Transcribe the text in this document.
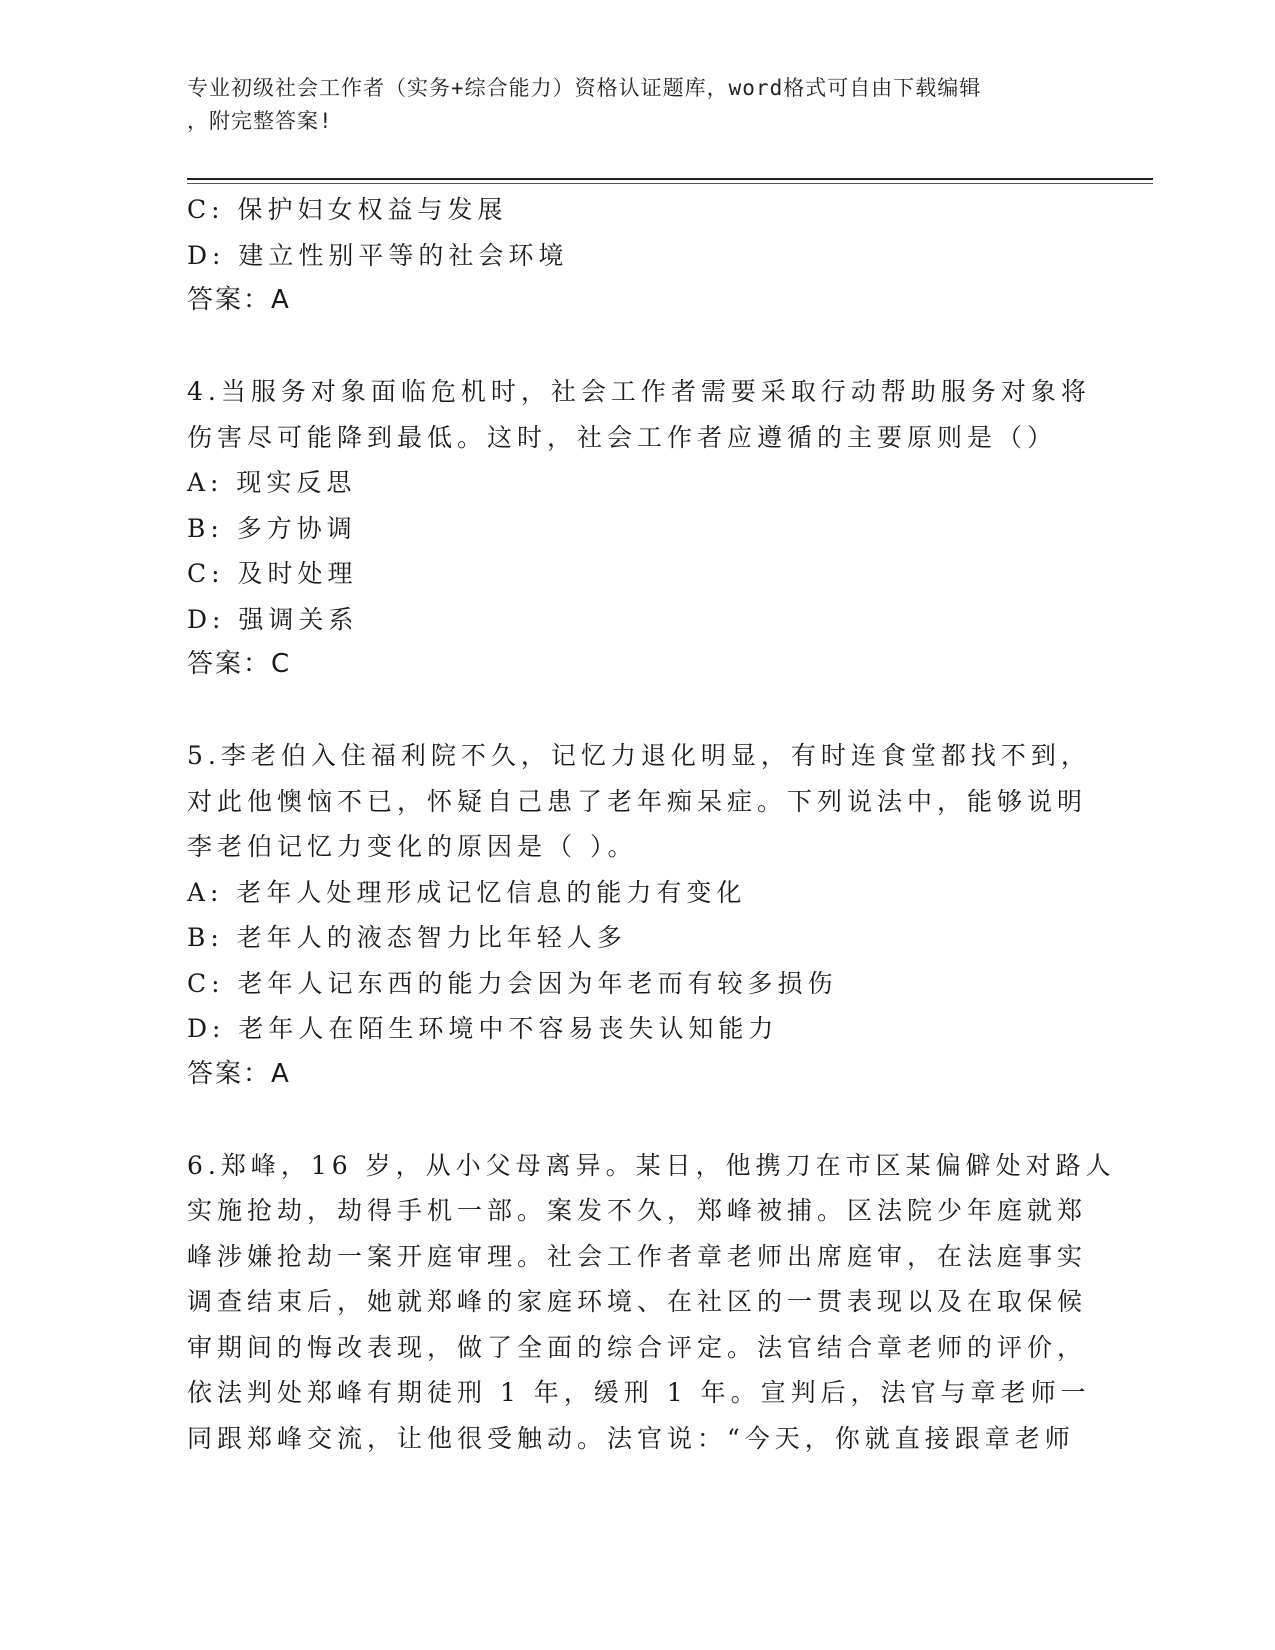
专业初级社会工作者（实务+综合能力）资格认证题库，word格式可自由下载编辑
，附完整答案!
C: 保护妇女权益与发展
D: 建立性别平等的社会环境
答案：A
4.当服务对象面临危机时，社会工作者需要采取行动帮助服务对象将
伤害尽可能降到最低。这时，社会工作者应遵循的主要原则是（）
A: 现实反思
B: 多方协调
C: 及时处理
D: 强调关系
答案：C
5.李老伯入住福利院不久，记忆力退化明显，有时连食堂都找不到，
对此他懊恼不已，怀疑自己患了老年痴呆症。下列说法中，能够说明
李老伯记忆力变化的原因是（ ）。
A: 老年人处理形成记忆信息的能力有变化
B: 老年人的液态智力比年轻人多
C: 老年人记东西的能力会因为年老而有较多损伤
D: 老年人在陌生环境中不容易丧失认知能力
答案：A
6.郑峰，16 岁，从小父母离异。某日，他携刀在市区某偏僻处对路人
实施抢劫，劫得手机一部。案发不久，郑峰被捕。区法院少年庭就郑
峰涉嫌抢劫一案开庭审理。社会工作者章老师出席庭审，在法庭事实
调查结束后，她就郑峰的家庭环境、在社区的一贯表现以及在取保候
审期间的悔改表现，做了全面的综合评定。法官结合章老师的评价，
依法判处郑峰有期徒刑 1 年，缓刑 1 年。宣判后，法官与章老师一
同跟郑峰交流，让他很受触动。法官说：“今天，你就直接跟章老师
